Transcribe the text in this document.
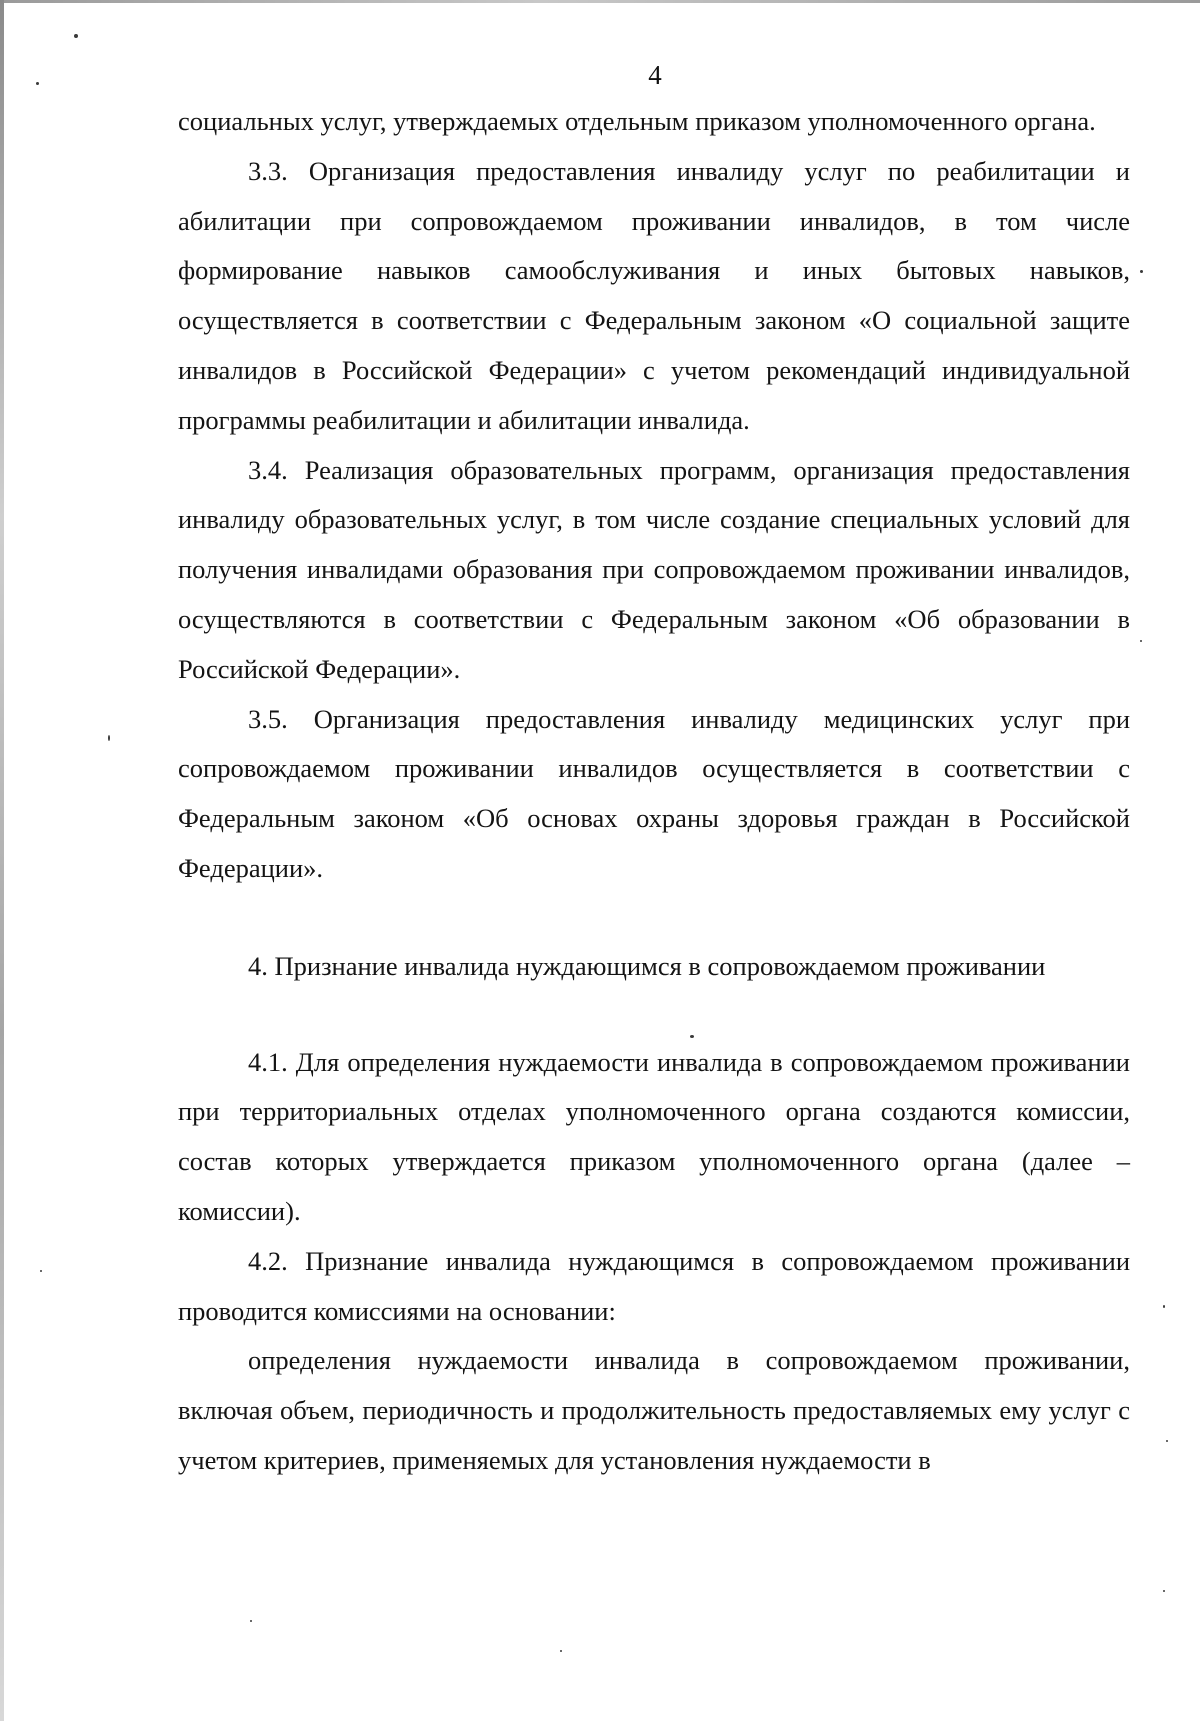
4

социальных услуг, утверждаемых отдельным приказом уполномоченного органа.

3.3. Организация предоставления инвалиду услуг по реабилитации и абилитации при сопровождаемом проживании инвалидов, в том числе формирование навыков самообслуживания и иных бытовых навыков, осуществляется в соответствии с Федеральным законом «О социальной защите инвалидов в Российской Федерации» с учетом рекомендаций индивидуальной программы реабилитации и абилитации инвалида.

3.4. Реализация образовательных программ, организация предоставления инвалиду образовательных услуг, в том числе создание специальных условий для получения инвалидами образования при сопровождаемом проживании инвалидов, осуществляются в соответствии с Федеральным законом «Об образовании в Российской Федерации».

3.5. Организация предоставления инвалиду медицинских услуг при сопровождаемом проживании инвалидов осуществляется в соответствии с Федеральным законом «Об основах охраны здоровья граждан в Российской Федерации».

4. Признание инвалида нуждающимся в сопровождаемом проживании

4.1. Для определения нуждаемости инвалида в сопровождаемом проживании при территориальных отделах уполномоченного органа создаются комиссии, состав которых утверждается приказом уполномоченного органа (далее – комиссии).

4.2. Признание инвалида нуждающимся в сопровождаемом проживании проводится комиссиями на основании:

определения нуждаемости инвалида в сопровождаемом проживании, включая объем, периодичность и продолжительность предоставляемых ему услуг с учетом критериев, применяемых для установления нуждаемости в
